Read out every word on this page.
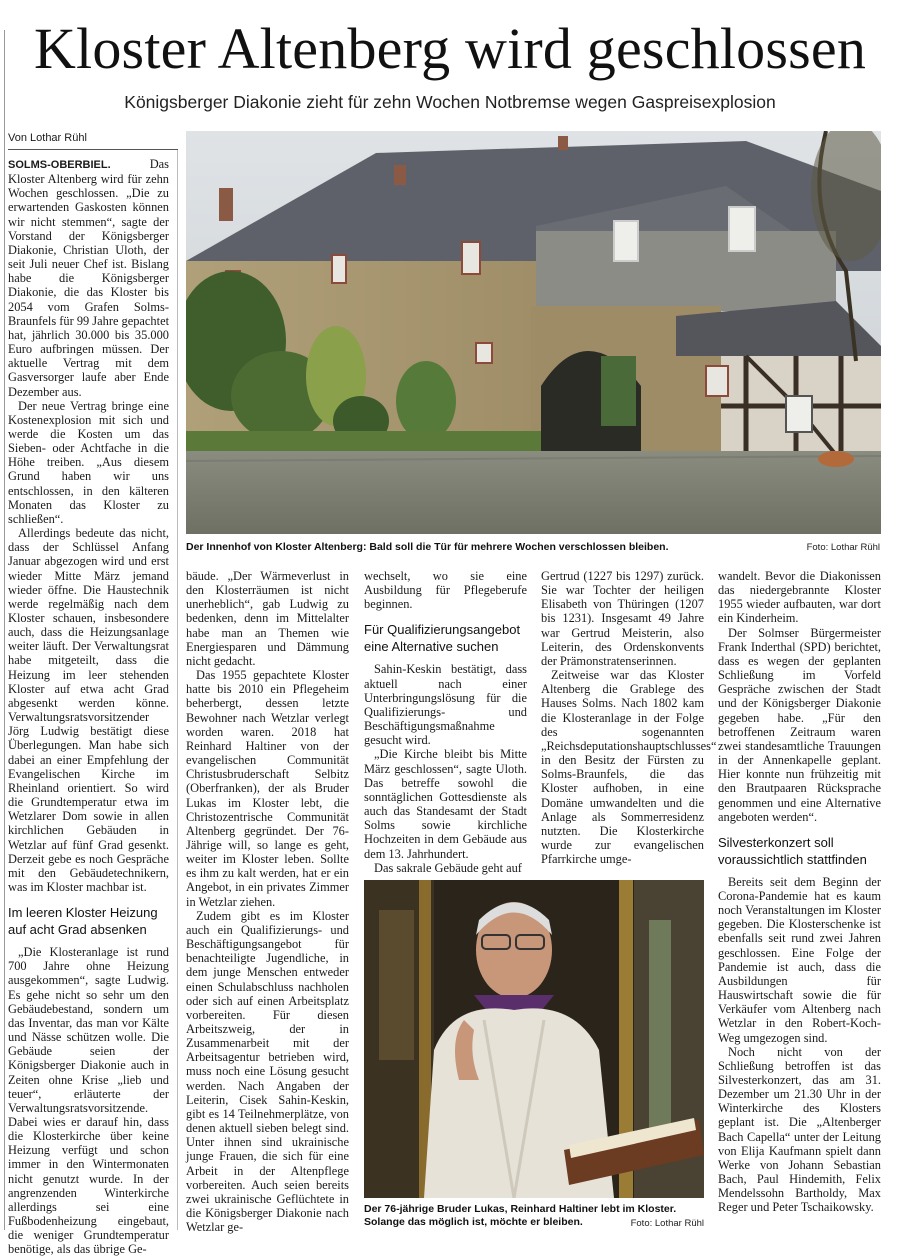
Kloster Altenberg wird geschlossen
Königsberger Diakonie zieht für zehn Wochen Notbremse wegen Gaspreisexplosion
Von Lothar Rühl
Der Innenhof von Kloster Altenberg: Bald soll die Tür für mehrere Wochen verschlossen bleiben.	Foto: Lothar Rühl

SOLMS-OBERBIEL.	Das Kloster Altenberg wird für zehn Wochen geschlossen. „Die zu erwartenden Gaskosten können wir nicht stemmen“, sagte der Vorstand der Königsberger Diakonie, Christian Uloth, der seit Juli neuer Chef ist. Bislang habe die Königsberger Diakonie, die das Kloster bis 2054 vom Grafen Solms-Braunfels für 99 Jahre gepachtet hat, jährlich 30.000 bis 35.000 Euro aufbringen müssen. Der aktuelle Vertrag mit dem Gasversorger laufe aber Ende Dezember aus.

Der neue Vertrag bringe eine Kostenexplosion mit sich und werde die Kosten um das Sieben- oder Achtfache in die Höhe treiben. „Aus diesem Grund haben wir uns entschlossen, in den kälteren Monaten das Kloster zu schließen“.

Allerdings bedeute das nicht, dass der Schlüssel Anfang Januar abgezogen wird und erst wieder Mitte März jemand wieder öffne. Die Haustechnik werde regelmäßig nach dem Kloster schauen, insbesondere auch, dass die Heizungsanlage weiter läuft. Der Verwaltungsrat habe mitgeteilt, dass die Heizung im leer stehenden Kloster auf etwa acht Grad abgesenkt werden könne. Verwaltungsratsvorsitzender Jörg Ludwig bestätigt diese Überlegungen. Man habe sich dabei an einer Empfehlung der Evangelischen Kirche im Rheinland orientiert. So wird die Grundtemperatur etwa im Wetzlarer Dom sowie in allen kirchlichen Gebäuden in Wetzlar auf fünf Grad gesenkt. Derzeit gebe es noch Gespräche mit den Gebäudetechnikern, was im Kloster machbar ist.

Im leeren Kloster Heizung auf acht Grad absenken

„Die Klosteranlage ist rund 700 Jahre ohne Heizung ausgekommen“, sagte Ludwig. Es gehe nicht so sehr um den Gebäudebestand, sondern um das Inventar, das man vor Kälte und Nässe schützen wolle. Die Gebäude seien der Königsberger Diakonie auch in Zeiten ohne Krise „lieb und teuer“, erläuterte der Verwaltungsratsvorsitzende. Dabei wies er darauf hin, dass die Klosterkirche über keine Heizung verfügt und schon immer in den Wintermonaten nicht genutzt wurde. In der angrenzenden Winterkirche allerdings sei eine Fußbodenheizung eingebaut, die weniger Grundtemperatur benötige, als das übrige Ge-

bäude. „Der Wärmeverlust in den Klosterräumen ist nicht unerheblich“, gab Ludwig zu bedenken, denn im Mittelalter habe man an Themen wie Energiesparen und Dämmung nicht gedacht.

Das 1955 gepachtete Kloster hatte bis 2010 ein Pflegeheim beherbergt, dessen letzte Bewohner nach Wetzlar verlegt worden waren. 2018 hat Reinhard Haltiner von der evangelischen Communität Christusbruderschaft Selbitz (Oberfranken), der als Bruder Lukas im Kloster lebt, die Christozentrische Communität Altenberg gegründet. Der 76-Jährige will, so lange es geht, weiter im Kloster leben. Sollte es ihm zu kalt werden, hat er ein Angebot, in ein privates Zimmer in Wetzlar ziehen.

Zudem gibt es im Kloster auch ein Qualifizierungs- und Beschäftigungsangebot für benachteiligte Jugendliche, in dem junge Menschen entweder einen Schulabschluss nachholen oder sich auf einen Arbeitsplatz vorbereiten. Für diesen Arbeitszweig, der in Zusammenarbeit mit der Arbeitsagentur betrieben wird, muss noch eine Lösung gesucht werden. Nach Angaben der Leiterin, Cisek Sahin-Keskin, gibt es 14 Teilnehmerplätze, von denen aktuell sieben belegt sind. Unter ihnen sind ukrainische junge Frauen, die sich für eine Arbeit in der Altenpflege vorbereiten. Auch seien bereits zwei ukrainische Geflüchtete in die Königsberger Diakonie nach Wetzlar ge-

wechselt, wo sie eine Ausbildung für Pflegeberufe beginnen.

Für Qualifizierungsangebot eine Alternative suchen

Sahin-Keskin bestätigt, dass aktuell nach einer Unterbringungslösung für die Qualifizierungs- und Beschäftigungsmaßnahme gesucht wird.

„Die Kirche bleibt bis Mitte März geschlossen“, sagte Uloth. Das betreffe sowohl die sonntäglichen Gottesdienste als auch das Standesamt der Stadt Solms sowie kirchliche Hochzeiten in dem Gebäude aus dem 13. Jahrhundert.

Das sakrale Gebäude geht auf

Gertrud (1227 bis 1297) zurück. Sie war Tochter der heiligen Elisabeth von Thüringen (1207 bis 1231). Insgesamt 49 Jahre war Gertrud Meisterin, also Leiterin, des Ordenskonvents der Prämonstratenserinnen.

Zeitweise war das Kloster Altenberg die Grablege des Hauses Solms. Nach 1802 kam die Klosteranlage in der Folge des sogenannten „Reichsdeputationshauptschlusses“ in den Besitz der Fürsten zu Solms-Braunfels, die das Kloster aufhoben, in eine Domäne umwandelten und die Anlage als Sommerresidenz nutzten. Die Klosterkirche wurde zur evangelischen Pfarrkirche umge-

Der 76-jährige Bruder Lukas, Reinhard Haltiner lebt im Kloster.
Solange das möglich ist, möchte er bleiben.	Foto: Lothar Rühl

wandelt. Bevor die Diakonissen das niedergebrannte Kloster 1955 wieder aufbauten, war dort ein Kinderheim.

Der Solmser Bürgermeister Frank Inderthal (SPD) berichtet, dass es wegen der geplanten Schließung im Vorfeld Gespräche zwischen der Stadt und der Königsberger Diakonie gegeben habe. „Für den betroffenen Zeitraum waren zwei standesamtliche Trauungen in der Annenkapelle geplant. Hier konnte nun frühzeitig mit den Brautpaaren Rücksprache genommen und eine Alternative angeboten werden“.

Silvesterkonzert soll voraussichtlich stattfinden

Bereits seit dem Beginn der Corona-Pandemie hat es kaum noch Veranstaltungen im Kloster gegeben. Die Klosterschenke ist ebenfalls seit rund zwei Jahren geschlossen. Eine Folge der Pandemie ist auch, dass die Ausbildungen für Hauswirtschaft sowie die für Verkäufer vom Altenberg nach Wetzlar in den Robert-Koch-Weg umgezogen sind.

Noch nicht von der Schließung betroffen ist das Silvesterkonzert, das am 31. Dezember um 21.30 Uhr in der Winterkirche des Klosters geplant ist. Die „Altenberger Bach Capella“ unter der Leitung von Elija Kaufmann spielt dann Werke von Johann Sebastian Bach, Paul Hindemith, Felix Mendelssohn Bartholdy, Max Reger und Peter Tschaikowsky.
